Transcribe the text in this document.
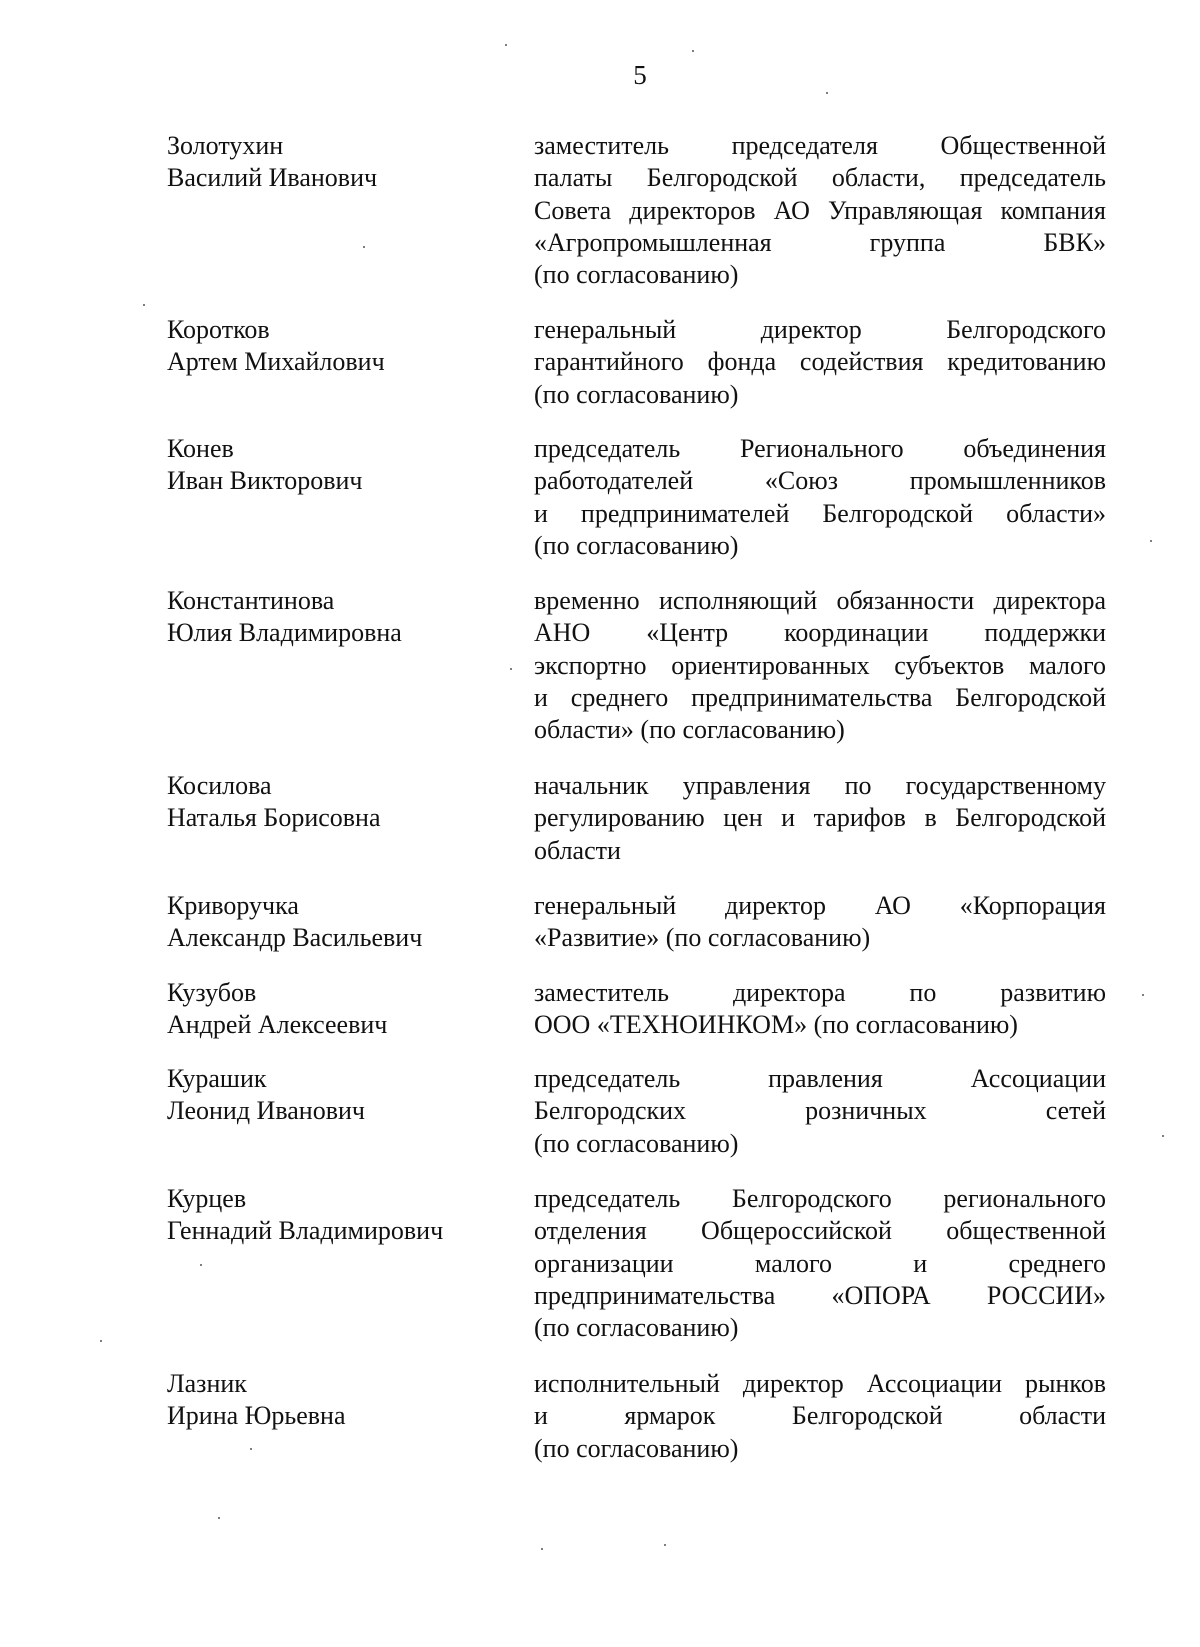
5
Золотухин
Василий Иванович
заместитель председателя Общественной
палаты Белгородской области, председатель
Совета директоров АО Управляющая компания
«Агропромышленная группа БВК»
(по согласованию)
Коротков
Артем Михайлович
генеральный директор Белгородского
гарантийного фонда содействия кредитованию
(по согласованию)
Конев
Иван Викторович
председатель Регионального объединения
работодателей «Союз промышленников
и предпринимателей Белгородской области»
(по согласованию)
Константинова
Юлия Владимировна
временно исполняющий обязанности директора
АНО «Центр координации поддержки
экспортно ориентированных субъектов малого
и среднего предпринимательства Белгородской
области» (по согласованию)
Косилова
Наталья Борисовна
начальник управления по государственному
регулированию цен и тарифов в Белгородской
области
Криворучка
Александр Васильевич
генеральный директор АО «Корпорация
«Развитие» (по согласованию)
Кузубов
Андрей Алексеевич
заместитель директора по развитию
ООО «ТЕХНОИНКОМ» (по согласованию)
Курашик
Леонид Иванович
председатель правления Ассоциации
Белгородских розничных сетей
(по согласованию)
Курцев
Геннадий Владимирович
председатель Белгородского регионального
отделения Общероссийской общественной
организации малого и среднего
предпринимательства «ОПОРА РОССИИ»
(по согласованию)
Лазник
Ирина Юрьевна
исполнительный директор Ассоциации рынков
и ярмарок Белгородской области
(по согласованию)
